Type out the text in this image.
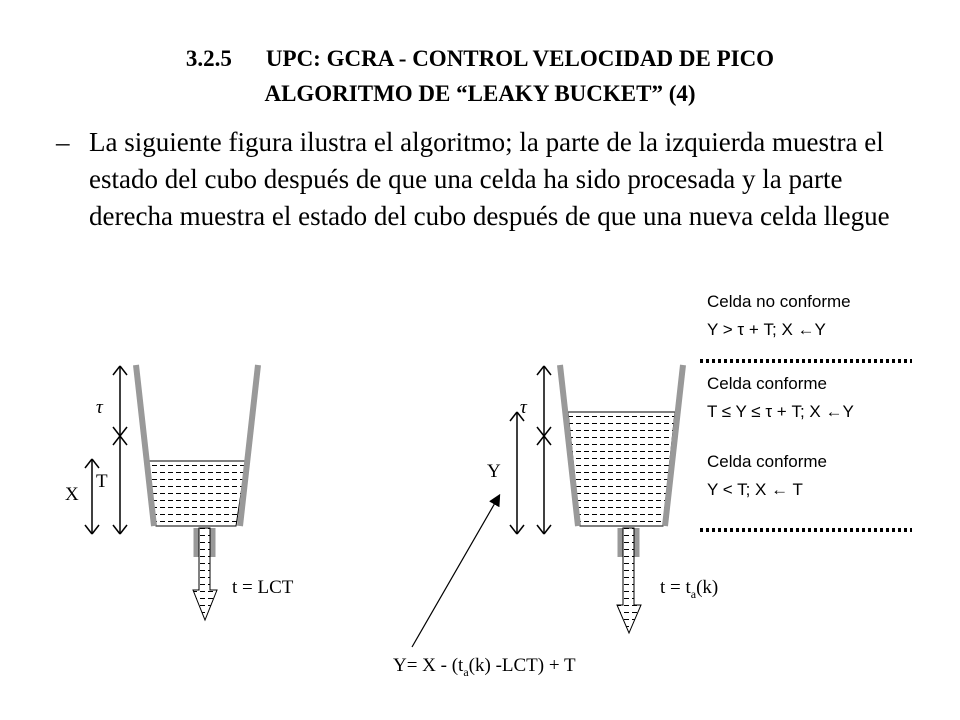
3.2.5 UPC: GCRA - CONTROL VELOCIDAD DE PICO
ALGORITMO DE “LEAKY BUCKET” (4)
– La siguiente figura ilustra el algoritmo; la parte de la izquierda muestra el estado del cubo después de que una celda ha sido procesada y la parte derecha muestra el estado del cubo después de que una nueva celda llegue
τ
T
X
t = LCT
τ
Y
$t = t_a(k)$
$Y= X - (t_a(k) -LCT) + T$
Celda no conforme
Y > τ + T; X ←Y
Celda conforme
T ≤ Y ≤ τ + T; X ←Y
Celda conforme
Y < T; X ← T
